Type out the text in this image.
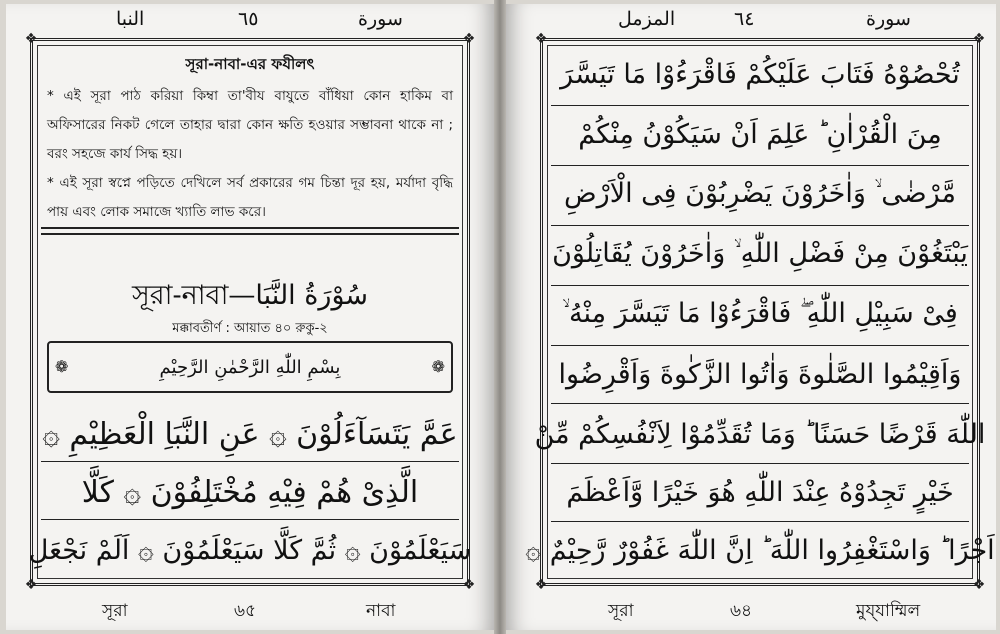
النبا	٦٥	سورة
❖	❖
❖	❖
সূরা-নাবা-এর ফযীলৎ

* এই সূরা পাঠ করিয়া কিম্বা তা'বীয বাযুতে বাঁধিয়া কোন হাকিম বা অফিসারের নিকট গেলে তাহার দ্বারা কোন ক্ষতি হওয়ার সম্ভাবনা থাকে না ; বরং সহজে কার্য সিদ্ধ হয়।

* এই সূরা স্বপ্নে পড়িতে দেখিলে সর্ব প্রকারের গম চিন্তা দূর হয়, মর্যাদা বৃদ্ধি পায় এবং লোক সমাজে খ্যাতি লাভ করে।

সূরা-নাবা—سُوْرَةُ النَّبَا
মক্কাবতীর্ণ : আয়াত ৪০ রুকু-২
❁ بِسْمِ اللّٰهِ الرَّحْمٰنِ الرَّحِيْمِ
❁
عَمَّ يَتَسَآءَلُوْنَ ۞ عَنِ النَّبَاِ الْعَظِيْمِ ۞
الَّذِىْ هُمْ فِيْهِ مُخْتَلِفُوْنَ ۞ كَلَّا
سَيَعْلَمُوْنَ ۞ ثُمَّ كَلَّا سَيَعْلَمُوْنَ ۞ اَلَمْ نَجْعَلِ
সূরা	৬৫	নাবা
المزمل	٦٤	سورة
❖	❖
❖	❖
تُحْصُوْهُ فَتَابَ عَلَيْكُمْ فَاقْرَءُوْا مَا تَيَسَّرَ
مِنَ الْقُرْاٰنِ ؕ عَلِمَ اَنْ سَيَكُوْنُ مِنْكُمْ
مَّرْضٰى ۙ وَاٰخَرُوْنَ يَضْرِبُوْنَ فِى الْاَرْضِ
يَبْتَغُوْنَ مِنْ فَضْلِ اللّٰهِ ۙ وَاٰخَرُوْنَ يُقَاتِلُوْنَ
فِىْ سَبِيْلِ اللّٰهِ ۖ فَاقْرَءُوْا مَا تَيَسَّرَ مِنْهُ ۙ
وَاَقِيْمُوا الصَّلٰوةَ وَاٰتُوا الزَّكٰوةَ وَاَقْرِضُوا
اللّٰهَ قَرْضًا حَسَنًا ؕ وَمَا تُقَدِّمُوْا لِاَنْفُسِكُمْ مِّنْ
خَيْرٍ تَجِدُوْهُ عِنْدَ اللّٰهِ هُوَ خَيْرًا وَّاَعْظَمَ
اَجْرًا ؕ وَاسْتَغْفِرُوا اللّٰهَ ؕ اِنَّ اللّٰهَ غَفُوْرٌ رَّحِيْمٌ ۞
সূরা	৬৪	মুয্‌যাম্মিল
